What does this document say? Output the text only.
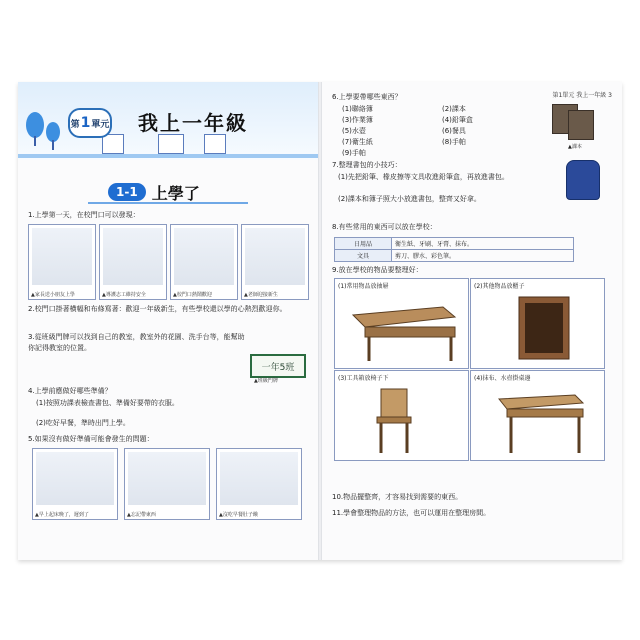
第 1 單元 我上一年級
1-1 上學了
1.上學第一天，在校門口可以發現：
▲家長送小朋友上學	▲導護志工維持安全	▲校門口熱鬧歡迎	▲老師迎接新生
2.校門口掛著横幅和布條寫著：歡迎一年級新生，有些學校還以學的心熱烈歡迎你。
3.從班級門牌可以找到自己的教室，教室外的花園、洗手台等，能幫助你記得教室的位置。
一年5班
▲班級門牌
4.上學前應做好哪些準備？
(1)按照功課表檢查書包、準備好要帶的衣服。
(2)吃好早餐，準時出門上學。
5.如果沒有做好準備可能會發生的問題：
▲早上起床晚了，遲到了	▲忘記帶東西	▲沒吃早餐肚子餓
第1單元 我上一年級 3
6.上學要帶哪些東西？
(1)聯絡簿	(2)課本
(3)作業簿	(4)鉛筆盒
(5)水壺	(6)餐具
(7)衛生紙	(8)手帕
(9)手帕
▲課本
7.整理書包的小技巧：
(1)先把鉛筆、橡皮擦等文具收進鉛筆盒，再放進書包。
(2)課本和簿子照大小放進書包，整齊又好拿。
8.有些常用的東西可以放在學校：
日用品	衛生紙、牙刷、牙膏、抹布。
文具	剪刀、膠水、彩色筆。
9.放在學校的物品要整理好：
(1)常用物品放抽屜	(2)其他物品放櫃子
(3)工具箱放椅子下	(4)抹布、水壺掛桌邊
10.物品擺整齊，才容易找到需要的東西。
11.學會整理物品的方法，也可以運用在整理房間。
